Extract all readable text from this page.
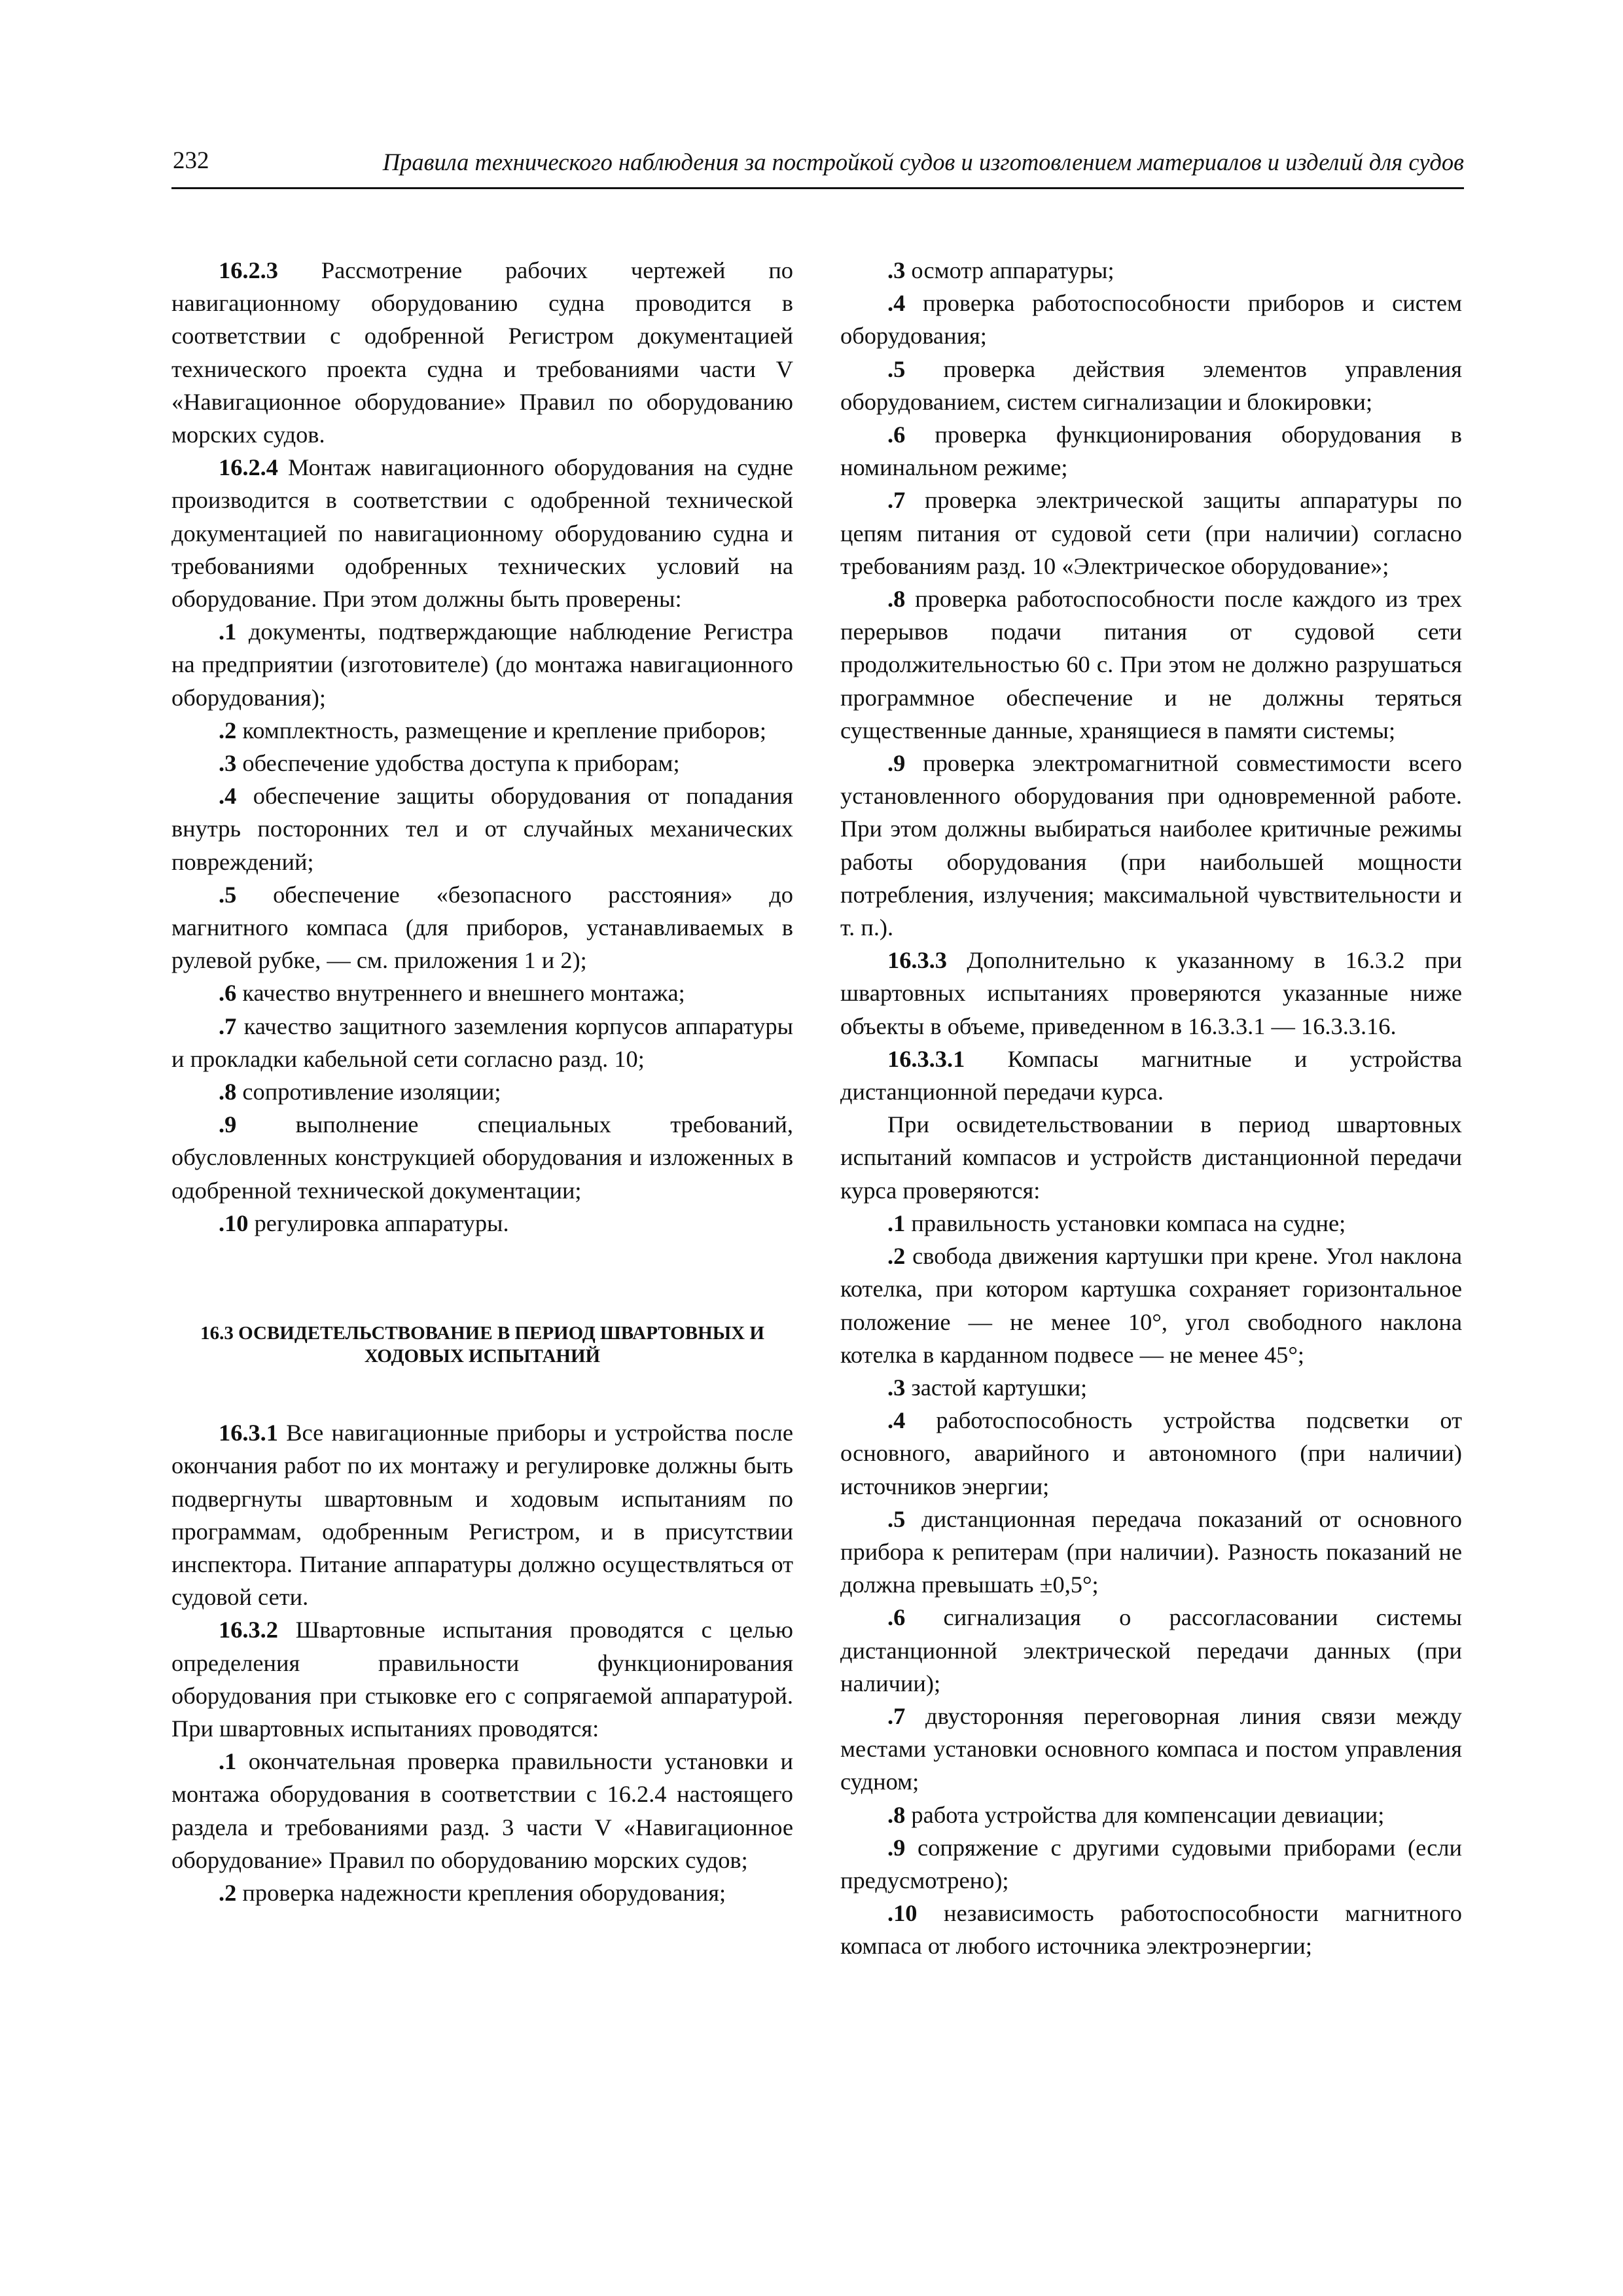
232	Правила технического наблюдения за постройкой судов и изготовлением материалов и изделий для судов

16.2.3 Рассмотрение рабочих чертежей по навигационному оборудованию судна проводится в соответствии с одобренной Регистром документацией технического проекта судна и требованиями части V «Навигационное оборудование» Правил по оборудованию морских судов.

16.2.4 Монтаж навигационного оборудования на судне производится в соответствии с одобренной технической документацией по навигационному оборудованию судна и требованиями одобренных технических условий на оборудование. При этом должны быть проверены:

.1 документы, подтверждающие наблюдение Регистра на предприятии (изготовителе) (до монтажа навигационного оборудования);

.2 комплектность, размещение и крепление приборов;

.3 обеспечение удобства доступа к приборам;

.4 обеспечение защиты оборудования от попадания внутрь посторонних тел и от случайных механических повреждений;

.5 обеспечение «безопасного расстояния» до магнитного компаса (для приборов, устанавливаемых в рулевой рубке, — см. приложения 1 и 2);

.6 качество внутреннего и внешнего монтажа;

.7 качество защитного заземления корпусов аппаратуры и прокладки кабельной сети согласно разд. 10;

.8 сопротивление изоляции;

.9 выполнение специальных требований, обусловленных конструкцией оборудования и изложенных в одобренной технической документации;

.10 регулировка аппаратуры.

16.3 ОСВИДЕТЕЛЬСТВОВАНИЕ В ПЕРИОД ШВАРТОВНЫХ И ХОДОВЫХ ИСПЫТАНИЙ

16.3.1 Все навигационные приборы и устройства после окончания работ по их монтажу и регулировке должны быть подвергнуты швартовным и ходовым испытаниям по программам, одобренным Регистром, и в присутствии инспектора. Питание аппаратуры должно осуществляться от судовой сети.

16.3.2 Швартовные испытания проводятся с целью определения правильности функционирования оборудования при стыковке его с сопрягаемой аппаратурой. При швартовных испытаниях проводятся:

.1 окончательная проверка правильности установки и монтажа оборудования в соответствии с 16.2.4 настоящего раздела и требованиями разд. 3 части V «Навигационное оборудование» Правил по оборудованию морских судов;

.2 проверка надежности крепления оборудования;

.3 осмотр аппаратуры;

.4 проверка работоспособности приборов и систем оборудования;

.5 проверка действия элементов управления оборудованием, систем сигнализации и блокировки;

.6 проверка функционирования оборудования в номинальном режиме;

.7 проверка электрической защиты аппаратуры по цепям питания от судовой сети (при наличии) согласно требованиям разд. 10 «Электрическое оборудование»;

.8 проверка работоспособности после каждого из трех перерывов подачи питания от судовой сети продолжительностью 60 с. При этом не должно разрушаться программное обеспечение и не должны теряться существенные данные, хранящиеся в памяти системы;

.9 проверка электромагнитной совместимости всего установленного оборудования при одновременной работе. При этом должны выбираться наиболее критичные режимы работы оборудования (при наибольшей мощности потребления, излучения; максимальной чувствительности и т. п.).

16.3.3 Дополнительно к указанному в 16.3.2 при швартовных испытаниях проверяются указанные ниже объекты в объеме, приведенном в 16.3.3.1 — 16.3.3.16.

16.3.3.1 Компасы магнитные и устройства дистанционной передачи курса.

При освидетельствовании в период швартовных испытаний компасов и устройств дистанционной передачи курса проверяются:

.1 правильность установки компаса на судне;

.2 свобода движения картушки при крене. Угол наклона котелка, при котором картушка сохраняет горизонтальное положение — не менее 10°, угол свободного наклона котелка в карданном подвесе — не менее 45°;

.3 застой картушки;

.4 работоспособность устройства подсветки от основного, аварийного и автономного (при наличии) источников энергии;

.5 дистанционная передача показаний от основного прибора к репитерам (при наличии). Разность показаний не должна превышать ±0,5°;

.6 сигнализация о рассогласовании системы дистанционной электрической передачи данных (при наличии);

.7 двусторонняя переговорная линия связи между местами установки основного компаса и постом управления судном;

.8 работа устройства для компенсации девиации;

.9 сопряжение с другими судовыми приборами (если предусмотрено);

.10 независимость работоспособности магнитного компаса от любого источника электроэнергии;
